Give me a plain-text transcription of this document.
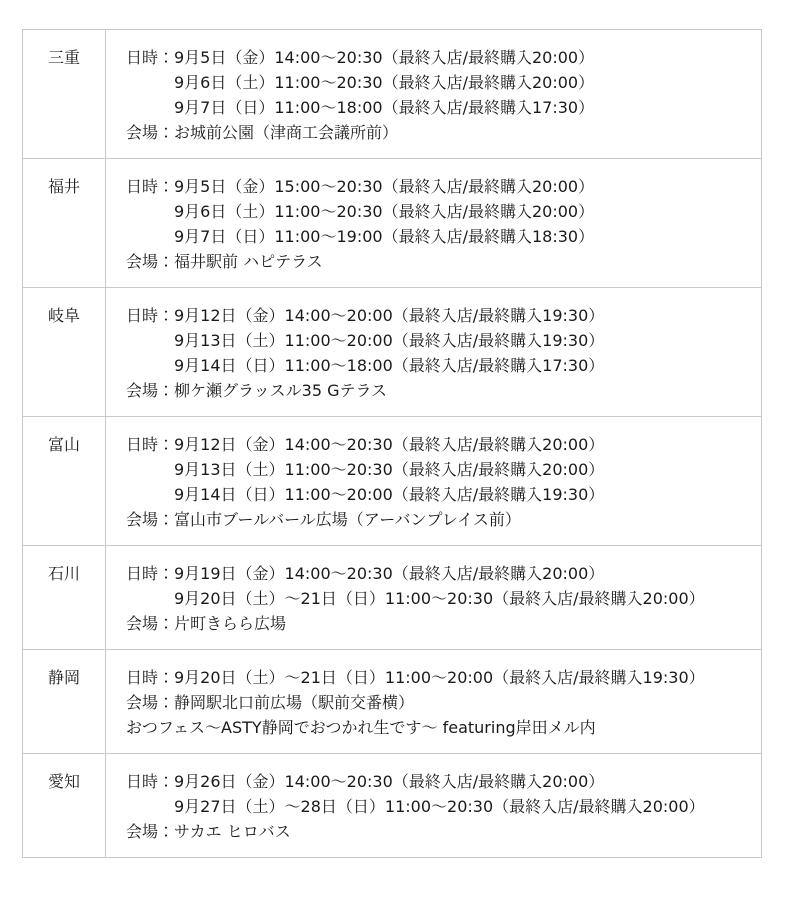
三重	日時：9月5日（金）14:00～20:30（最終入店/最終購入20:00）
9月6日（土）11:00～20:30（最終入店/最終購入20:00）
9月7日（日）11:00～18:00（最終入店/最終購入17:30）
会場：お城前公園（津商工会議所前）

福井	日時：9月5日（金）15:00～20:30（最終入店/最終購入20:00）
9月6日（土）11:00～20:30（最終入店/最終購入20:00）
9月7日（日）11:00～19:00（最終入店/最終購入18:30）
会場：福井駅前 ハピテラス

岐阜	日時：9月12日（金）14:00～20:00（最終入店/最終購入19:30）
9月13日（土）11:00～20:00（最終入店/最終購入19:30）
9月14日（日）11:00～18:00（最終入店/最終購入17:30）
会場：柳ケ瀬グラッスル35 Gテラス

富山	日時：9月12日（金）14:00～20:30（最終入店/最終購入20:00）
9月13日（土）11:00～20:30（最終入店/最終購入20:00）
9月14日（日）11:00～20:00（最終入店/最終購入19:30）
会場：富山市ブールバール広場（アーバンプレイス前）

石川	日時：9月19日（金）14:00～20:30（最終入店/最終購入20:00）
9月20日（土）～21日（日）11:00～20:30（最終入店/最終購入20:00）
会場：片町きらら広場

静岡	日時：9月20日（土）～21日（日）11:00～20:00（最終入店/最終購入19:30）
会場：静岡駅北口前広場（駅前交番横）
おつフェス～ASTY静岡でおつかれ生です～ featuring岸田メル内

愛知	日時：9月26日（金）14:00～20:30（最終入店/最終購入20:00）
9月27日（土）～28日（日）11:00～20:30（最終入店/最終購入20:00）
会場：サカエ ヒロバス
